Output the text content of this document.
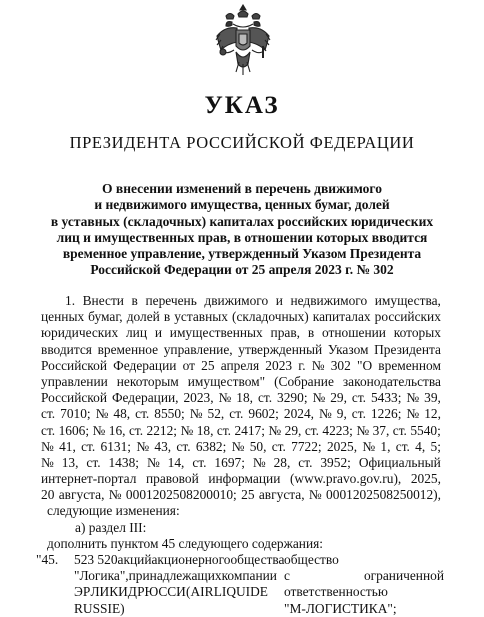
УКАЗ
ПРЕЗИДЕНТА РОССИЙСКОЙ ФЕДЕРАЦИИ
О внесении изменений в перечень движимого
и недвижимого имущества, ценных бумаг, долей
в уставных (складочных) капиталах российских юридических
лиц и имущественных прав, в отношении которых вводится
временное управление, утвержденный Указом Президента
Российской Федерации от 25 апреля 2023 г. № 302
1. Внести в перечень движимого и недвижимого имущества,
ценных бумаг, долей в уставных (складочных) капиталах российских
юридических лиц и имущественных прав, в отношении которых
вводится временное управление, утвержденный Указом Президента
Российской Федерации от 25 апреля 2023 г. № 302 "О временном
управлении некоторым имуществом" (Собрание законодательства
Российской Федерации, 2023, № 18, ст. 3290; № 29, ст. 5433; № 39,
ст. 7010; № 48, ст. 8550; № 52, ст. 9602; 2024, № 9, ст. 1226; № 12,
ст. 1606; № 16, ст. 2212; № 18, ст. 2417; № 29, ст. 4223; № 37, ст. 5540;
№ 41, ст. 6131; № 43, ст. 6382; № 50, ст. 7722; 2025, № 1, ст. 4, 5;
№ 13, ст. 1438; № 14, ст. 1697; № 28, ст. 3952; Официальный
интернет-портал правовой информации (www.pravo.gov.ru), 2025,
20 августа, № 0001202508200010; 25 августа, № 0001202508250012),
следующие изменения:
а) раздел III:
дополнить пунктом 45 следующего содержания:
"45.	523 520 акций акционерного общества
"Логика", принадлежащих компании
ЭР ЛИКИД РЮССИ (AIR LIQUIDE
RUSSIE)
общество
с	ограниченной
ответственностью
"М-ЛОГИСТИКА";
